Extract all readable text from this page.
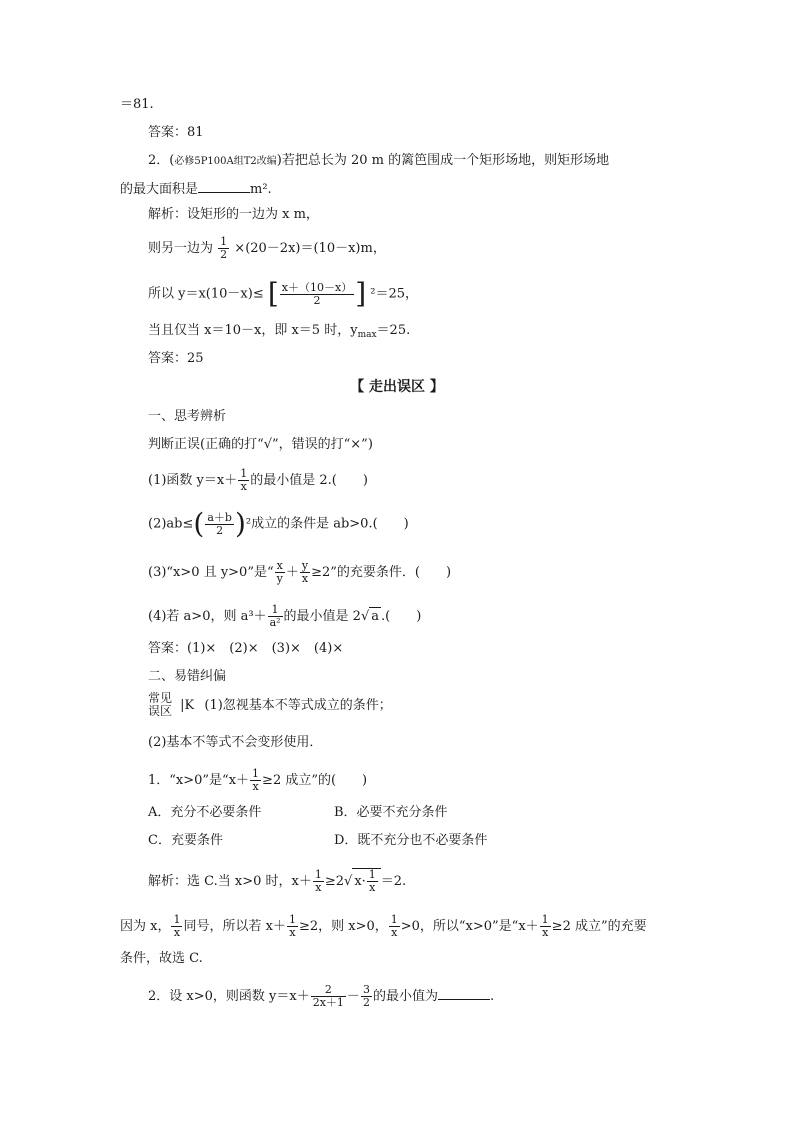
＝81.
答案：81
2．(必修5P100A组T2改编)若把总长为 20 m 的篱笆围成一个矩形场地，则矩形场地
的最大面积是	m².
解析：设矩形的一边为 x m，
则另一边为 $\frac{1}{2} \times(20-2x)=(10-x)m$，
所以 y＝x(10－x)≤ [ $\frac{x+(10-x)}{2}$ ] ²＝25，
当且仅当 x＝10－x，即 x＝5 时，$y_{max}=25$.
答案：25
【 走出误区 】
一、思考辨析
判断正误(正确的打“√”，错误的打“×”)
(1)函数 $y=x+ \frac{1}{x}$ 的最小值是 2.(　　)
$(2)ab\le( \frac{a+b}{2} )^2$成立的条件是 ab>0.(　　)
(3)“x>0 且 y>0”是“ $\frac{x}{y} + \frac{y}{x} \ge 2$”的充要条件．(　　)
(4)若 a>0，则 $a^3+ \frac{1}{\text{a²}}$ 的最小值是 2√ a .(　　)
答案：(1)×　(2)×　(3)×　(4)×
二、易错纠偏
常见
误区 |K (1)忽视基本不等式成立的条件；
(2)基本不等式不会变形使用．
1．“x>0”是“$x+ \frac{1}{x} \ge 2$ 成立”的(　　)
A．充分不必要条件	B．必要不充分条件
C．充要条件	D．既不充分也不必要条件
解析：选 C.当 x>0 时，$x+ \frac{1}{x} \ge 2√$ $x\cdot \frac{1}{x} =2$.
因为 x， $\frac{1}{x}$ 同号，所以若 $x+ \frac{1}{x} \ge 2$，则 x>0， $\frac{1}{x} >0$，所以“x>0”是“$x+ \frac{1}{x} \ge 2$ 成立”的充要
条件，故选 C.
2．设 x>0，则函数 $y=x+ \frac{2}{2x+1} - \frac{3}{2}$ 的最小值为	.
